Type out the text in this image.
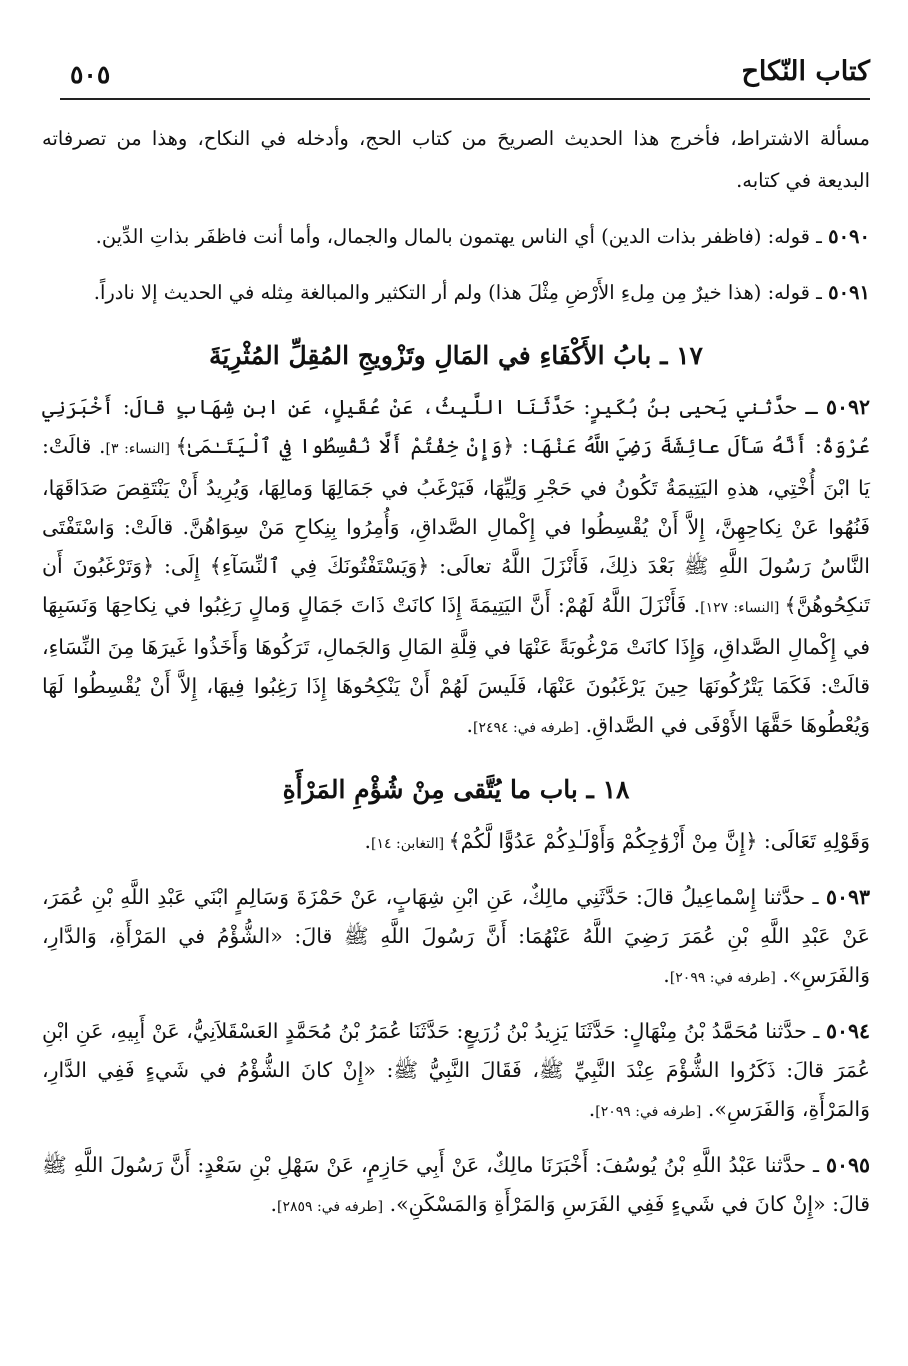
كتاب النّكاح
٥٠٥

مسألة الاشتراط، فأخرج هذا الحديث الصريحَ من كتاب الحج، وأدخله في النكاح، وهذا من تصرفاته البديعة في كتابه.

٥٠٩٠ ـ قوله: (فاظفر بذات الدين) أي الناس يهتمون بالمال والجمال، وأما أنت فاظفَر بذاتِ الدِّين.

٥٠٩١ ـ قوله: (هذا خيرٌ مِن مِلءِ الأَرْضِ مِثْلَ هذا) ولم أر التكثير والمبالغة مِثله في الحديث إلا نادراً.

١٧ ـ بابُ الأَكْفَاءِ في المَالِ وتَزْويجِ المُقِلِّ المُثْرِيَةَ

٥٠٩٢ ـ حدَّثني يَحيى بنُ بُكَيرٍ: حَدَّثَنَا اللَّيثُ، عَنْ عُقَيلٍ، عَنِ ابنِ شِهَابٍ قالَ: أَخْبَرَنِي عُرْوَةُ: أَنَّهُ سَأَلَ عائِشَةَ رَضِيَ اللَّهُ عَنْهَا: ﴿وَإِنْ خِفْتُمْ أَلَّا نُقْسِطُوا فِي ٱلْيَتَـٰمَىٰ﴾ [النساء: ٣]. قالَتْ: يَا ابْنَ أُخْتِي، هذهِ اليَتِيمَةُ تَكُونُ في حَجْرِ وَلِيِّهَا، فَيَرْغَبُ في جَمَالِهَا وَمالِهَا، وَيُرِيدُ أَنْ يَنْتَقِصَ صَدَاقَهَا، فَنُهُوا عَنْ نِكاحِهِنَّ، إِلاَّ أَنْ يُقْسِطُوا في إِكْمالِ الصَّداقِ، وَأُمِرُوا بِنِكاحِ مَنْ سِوَاهُنَّ. قالَتْ: وَاسْتَفْتَى النَّاسُ رَسُولَ اللَّهِ ﷺ بَعْدَ ذلِكَ، فَأَنْزَلَ اللَّهُ تعالَى: ﴿وَيَسْتَفْتُونَكَ فِي ٱلنِّسَآءِ﴾ إِلَى: ﴿وَتَرْغَبُونَ أَن تَنكِحُوهُنَّ﴾ [النساء: ١٢٧]. فَأَنْزَلَ اللَّهُ لَهُمْ: أَنَّ اليَتِيمَةَ إِذَا كانَتْ ذَاتَ جَمَالٍ وَمالٍ رَغِبُوا في نِكاحِهَا وَنَسَبِهَا في إِكْمالِ الصَّداقِ، وَإِذَا كانَتْ مَرْغُوبَةً عَنْهَا في قِلَّةِ المَالِ وَالجَمالِ، تَرَكُوهَا وَأَخَذُوا غَيرَهَا مِنَ النِّسَاءِ، قالَتْ: فَكَمَا يَتْرُكُونَهَا حِينَ يَرْغَبُونَ عَنْهَا، فَلَيسَ لَهُمْ أَنْ يَنْكِحُوهَا إِذَا رَغِبُوا فِيهَا، إِلاَّ أَنْ يُقْسِطُوا لَهَا وَيُعْطُوهَا حَقَّهَا الأَوْفَى في الصَّداقِ. [طرفه في: ٢٤٩٤].

١٨ ـ باب ما يُتَّقى مِنْ شُؤْمِ المَرْأَةِ

وَقَوْلِهِ تَعَالَى: ﴿إِنَّ مِنْ أَزْوَٰجِكُمْ وَأَوْلَـٰدِكُمْ عَدُوًّا لَّكُمْ﴾ [التغابن: ١٤].

٥٠٩٣ ـ حدَّثنا إِسْماعِيلُ قالَ: حَدَّثَنِي مالِكٌ، عَنِ ابْنِ شِهَابٍ، عَنْ حَمْزَةَ وَسَالِمٍ ابْنَي عَبْدِ اللَّهِ بْنِ عُمَرَ، عَنْ عَبْدِ اللَّهِ بْنِ عُمَرَ رَضِيَ اللَّهُ عَنْهُمَا: أَنَّ رَسُولَ اللَّهِ ﷺ قالَ: «الشُّؤْمُ في المَرْأَةِ، وَالدَّارِ، وَالفَرَسِ». [طرفه في: ٢٠٩٩].

٥٠٩٤ ـ حدَّثنا مُحَمَّدُ بْنُ مِنْهَالٍ: حَدَّثَنَا يَزِيدُ بْنُ زُرَيعٍ: حَدَّثَنَا عُمَرُ بْنُ مُحَمَّدٍ العَسْقَلاَنِيُّ، عَنْ أَبِيهِ، عَنِ ابْنِ عُمَرَ قالَ: ذَكَرُوا الشُّؤْمَ عِنْدَ النَّبِيِّ ﷺ، فَقَالَ النَّبِيُّ ﷺ: «إِنْ كانَ الشُّؤْمُ في شَيءٍ فَفِي الدَّارِ، وَالمَرْأَةِ، وَالفَرَسِ». [طرفه في: ٢٠٩٩].

٥٠٩٥ ـ حدَّثنا عَبْدُ اللَّهِ بْنُ يُوسُفَ: أَخْبَرَنَا مالِكٌ، عَنْ أَبِي حَازِمٍ، عَنْ سَهْلِ بْنِ سَعْدٍ: أَنَّ رَسُولَ اللَّهِ ﷺ قالَ: «إِنْ كانَ في شَيءٍ فَفِي الفَرَسِ وَالمَرْأَةِ وَالمَسْكَنِ». [طرفه في: ٢٨٥٩].
